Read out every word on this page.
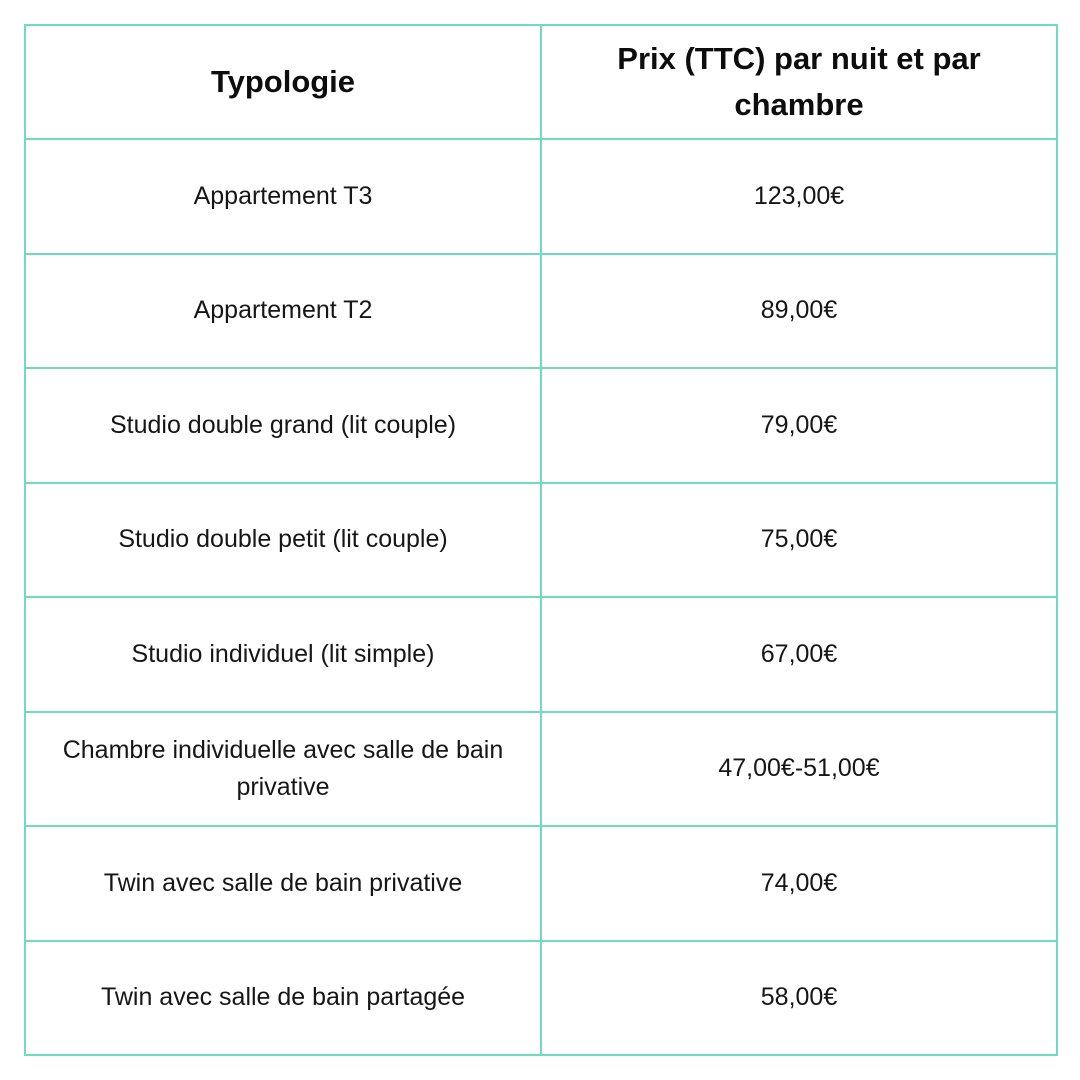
Typologie	Prix (TTC) par nuit et par chambre
Appartement T3	123,00€
Appartement T2	89,00€
Studio double grand (lit couple)	79,00€
Studio double petit (lit couple)	75,00€
Studio individuel (lit simple)	67,00€
Chambre individuelle avec salle de bain privative	47,00€-51,00€
Twin avec salle de bain privative	74,00€
Twin avec salle de bain partagée	58,00€
